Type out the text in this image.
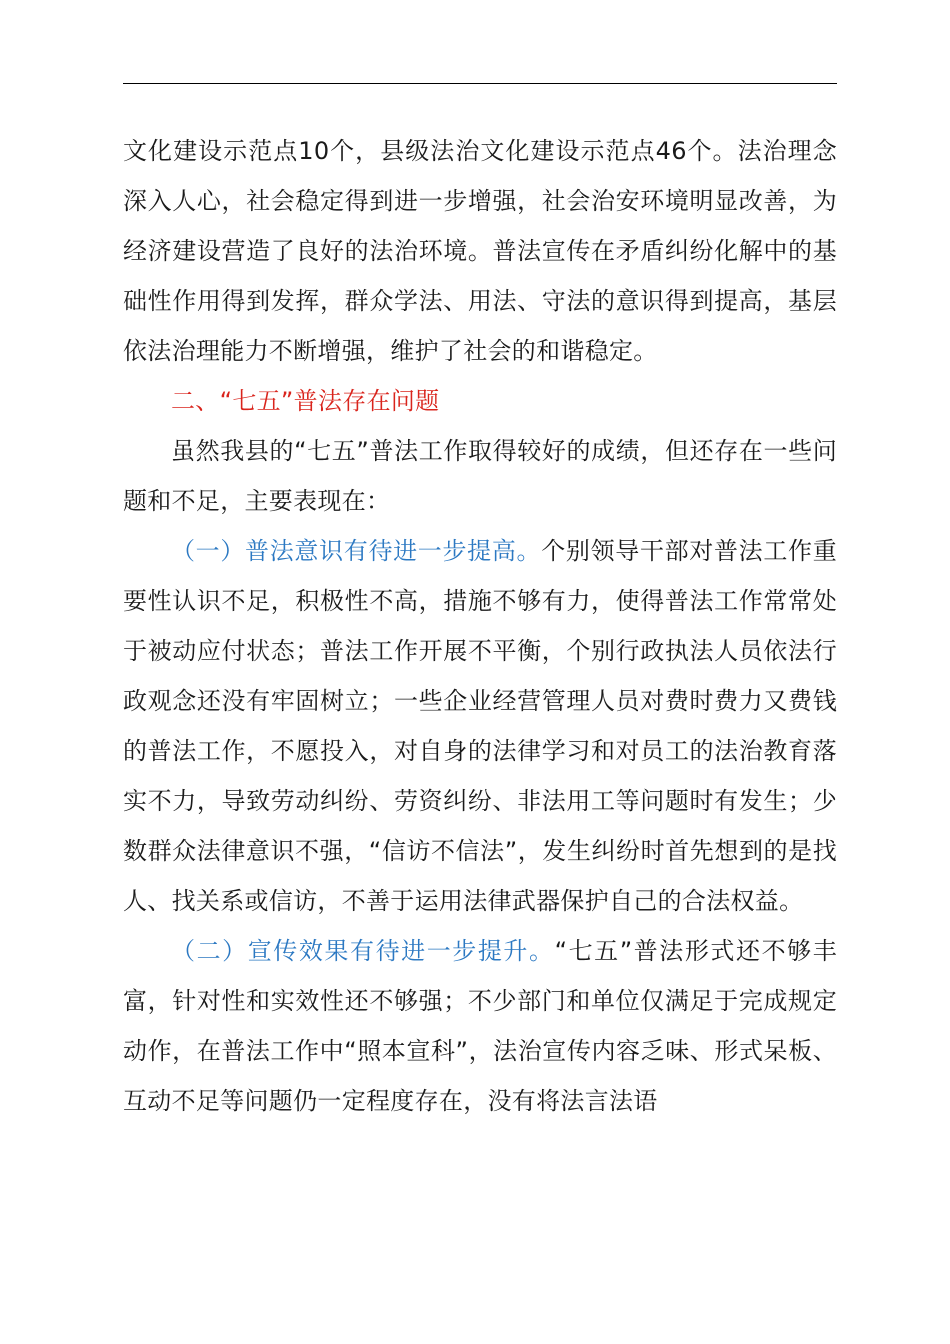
文化建设示范点10个，县级法治文化建设示范点46个。法治理念深入人心，社会稳定得到进一步增强，社会治安环境明显改善，为经济建设营造了良好的法治环境。普法宣传在矛盾纠纷化解中的基础性作用得到发挥，群众学法、用法、守法的意识得到提高，基层依法治理能力不断增强，维护了社会的和谐稳定。

二、“七五”普法存在问题

虽然我县的“七五”普法工作取得较好的成绩，但还存在一些问题和不足，主要表现在：

（一）普法意识有待进一步提高。个别领导干部对普法工作重要性认识不足，积极性不高，措施不够有力，使得普法工作常常处于被动应付状态；普法工作开展不平衡，个别行政执法人员依法行政观念还没有牢固树立；一些企业经营管理人员对费时费力又费钱的普法工作，不愿投入，对自身的法律学习和对员工的法治教育落实不力，导致劳动纠纷、劳资纠纷、非法用工等问题时有发生；少数群众法律意识不强，“信访不信法”，发生纠纷时首先想到的是找人、找关系或信访，不善于运用法律武器保护自己的合法权益。

（二）宣传效果有待进一步提升。“七五”普法形式还不够丰富，针对性和实效性还不够强；不少部门和单位仅满足于完成规定动作，在普法工作中“照本宣科”，法治宣传内容乏味、形式呆板、互动不足等问题仍一定程度存在，没有将法言法语
